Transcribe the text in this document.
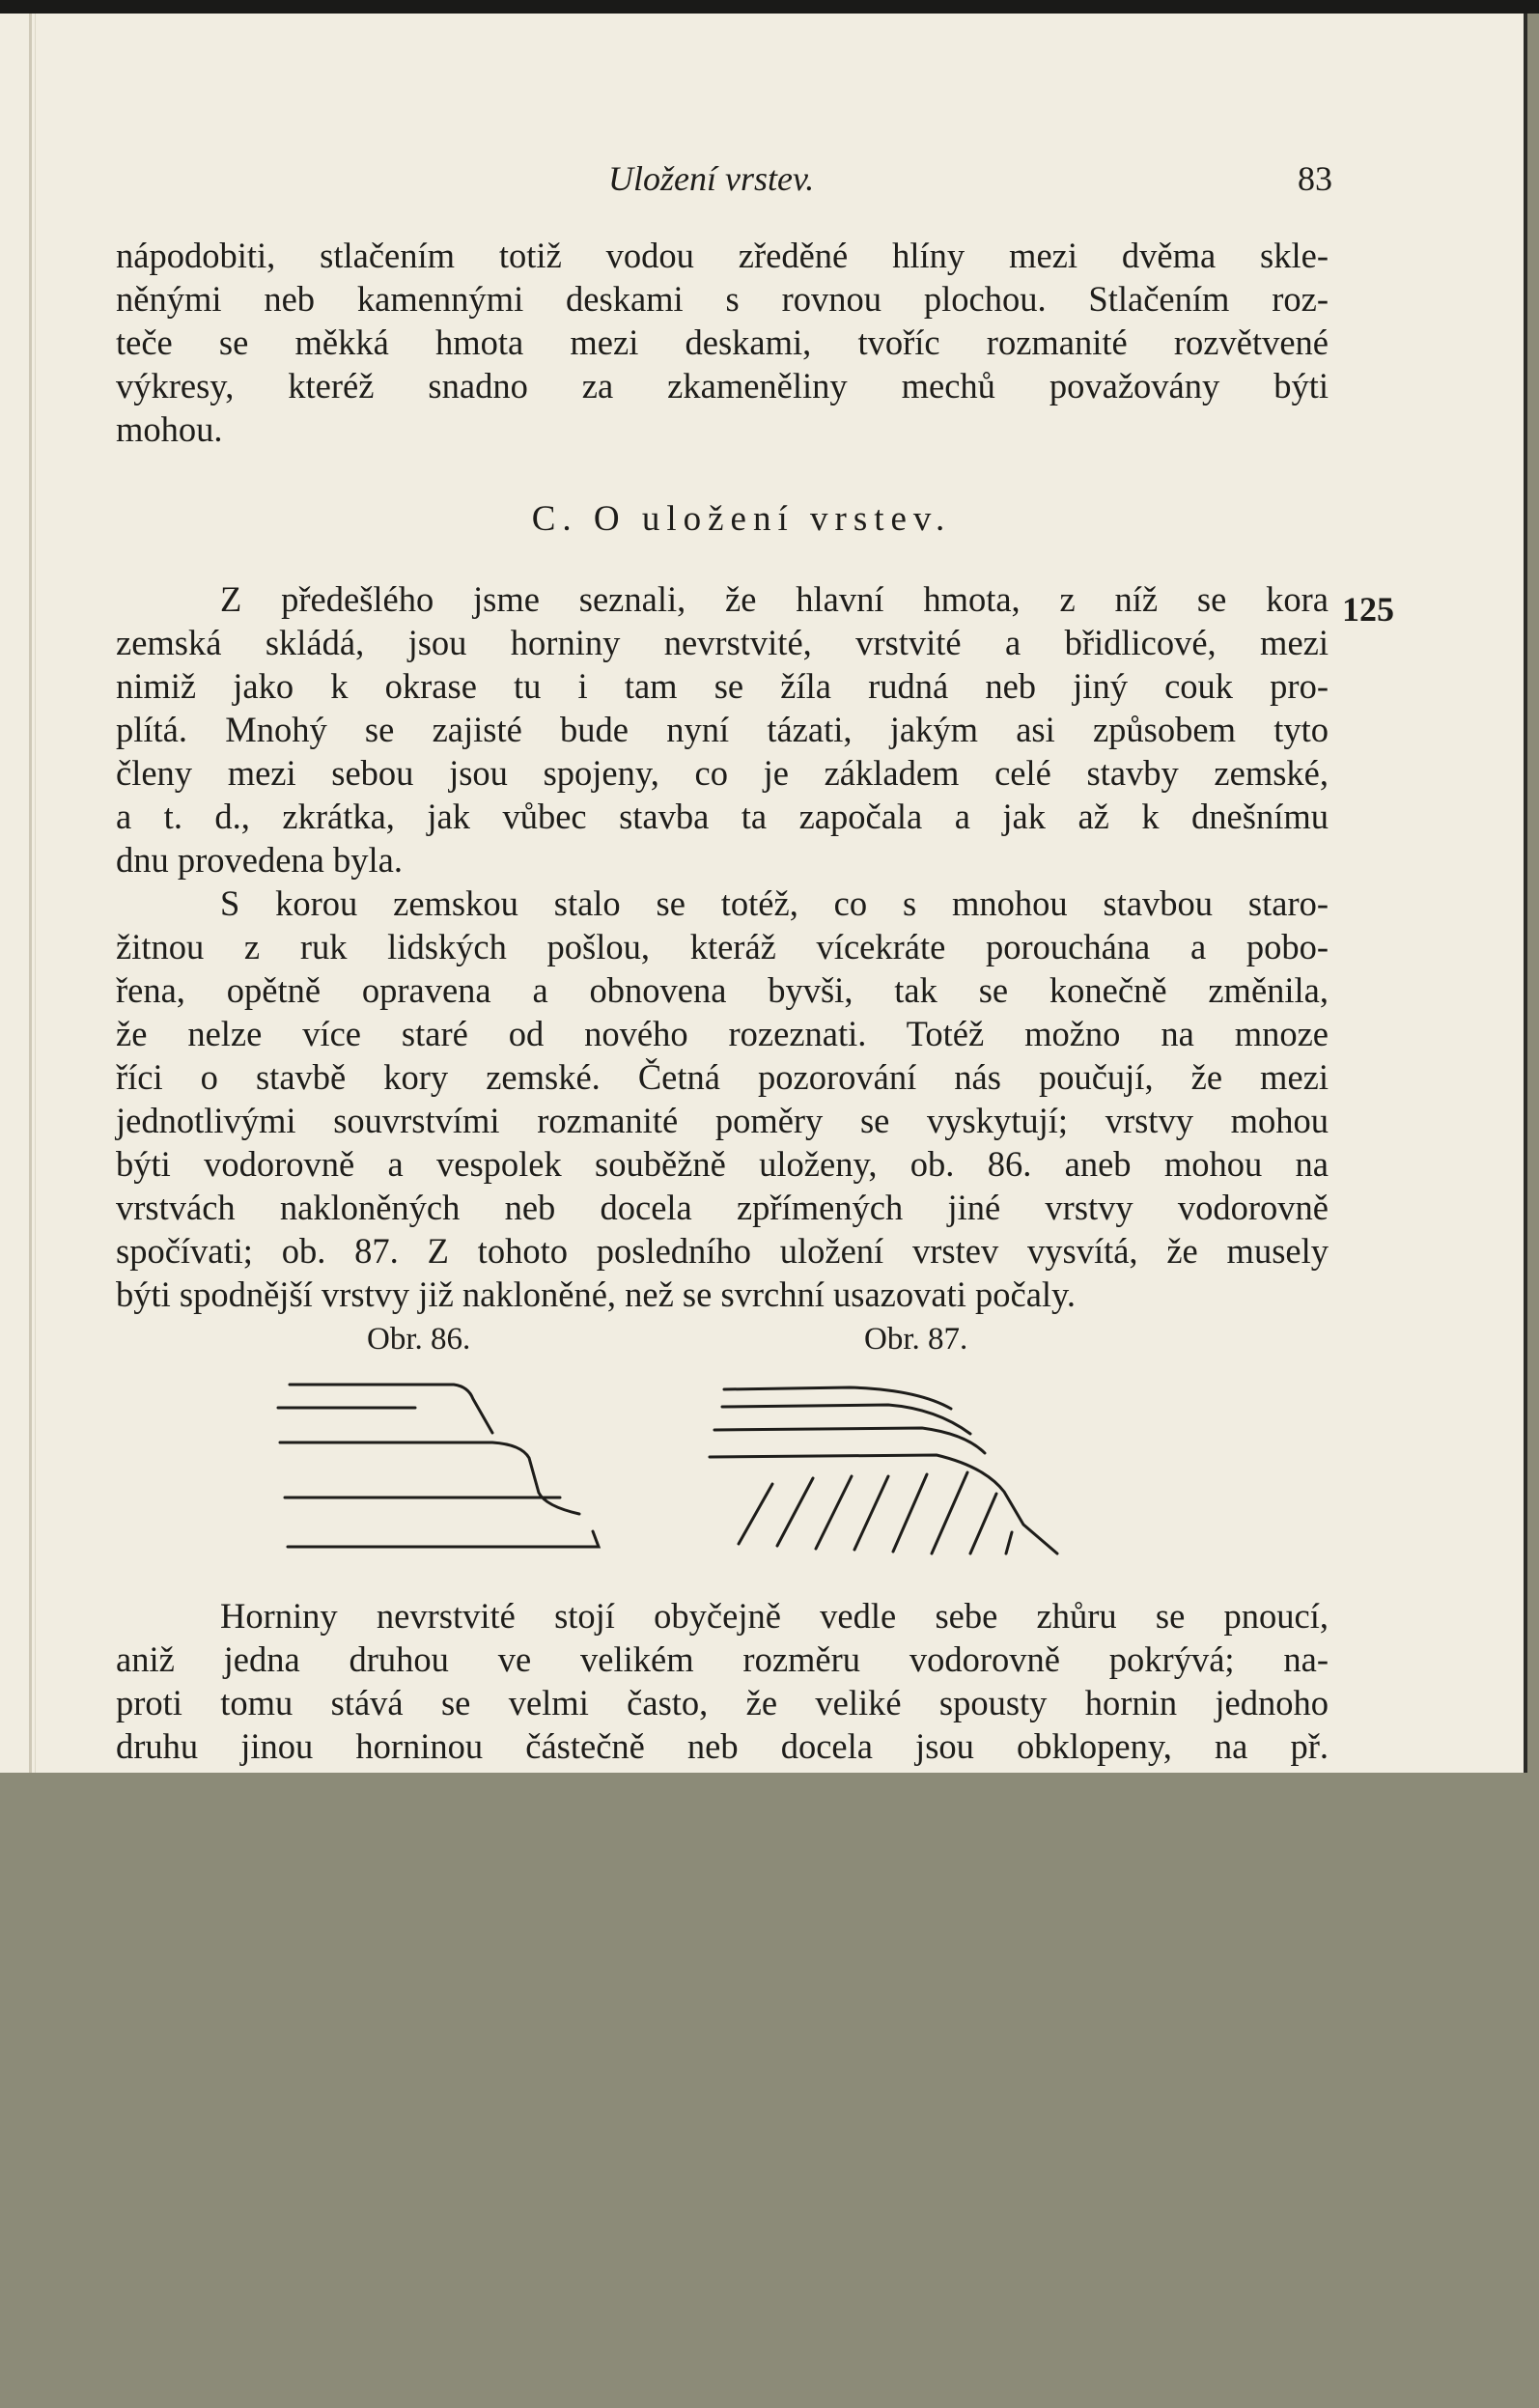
Uložení vrstev.	83
nápodobiti, stlačením totiž vodou zředěné hlíny mezi dvěma skle-
něnými neb kamennými deskami s rovnou plochou. Stlačením roz-
teče se měkká hmota mezi deskami, tvoříc rozmanité rozvětvené
výkresy, kteréž snadno za zkameněliny mechů považovány býti
mohou.
C. O uložení vrstev.
125
Z předešlého jsme seznali, že hlavní hmota, z níž se kora
zemská skládá, jsou horniny nevrstvité, vrstvité a břidlicové, mezi
nimiž jako k okrase tu i tam se žíla rudná neb jiný couk pro-
plítá. Mnohý se zajisté bude nyní tázati, jakým asi způsobem tyto
členy mezi sebou jsou spojeny, co je základem celé stavby zemské,
a t. d., zkrátka, jak vůbec stavba ta započala a jak až k dnešnímu
dnu provedena byla.
S korou zemskou stalo se totéž, co s mnohou stavbou staro-
žitnou z ruk lidských pošlou, kteráž vícekráte porouchána a pobo-
řena, opětně opravena a obnovena byvši, tak se konečně změnila,
že nelze více staré od nového rozeznati. Totéž možno na mnoze
říci o stavbě kory zemské. Četná pozorování nás poučují, že mezi
jednotlivými souvrstvími rozmanité poměry se vyskytují; vrstvy mohou
býti vodorovně a vespolek souběžně uloženy, ob. 86. aneb mohou na
vrstvách nakloněných neb docela zpřímených jiné vrstvy vodorovně
spočívati; ob. 87. Z tohoto posledního uložení vrstev vysvítá, že musely
býti spodnější vrstvy již nakloněné, než se svrchní usazovati počaly.
Obr. 86.	Obr. 87.
Horniny nevrstvité stojí obyčejně vedle sebe zhůru se pnoucí,
aniž jedna druhou ve velikém rozměru vodorovně pokrývá; na-
proti tomu stává se velmi často, že veliké spousty hornin jednoho
druhu jinou horninou částečně neb docela jsou obklopeny, na př.
